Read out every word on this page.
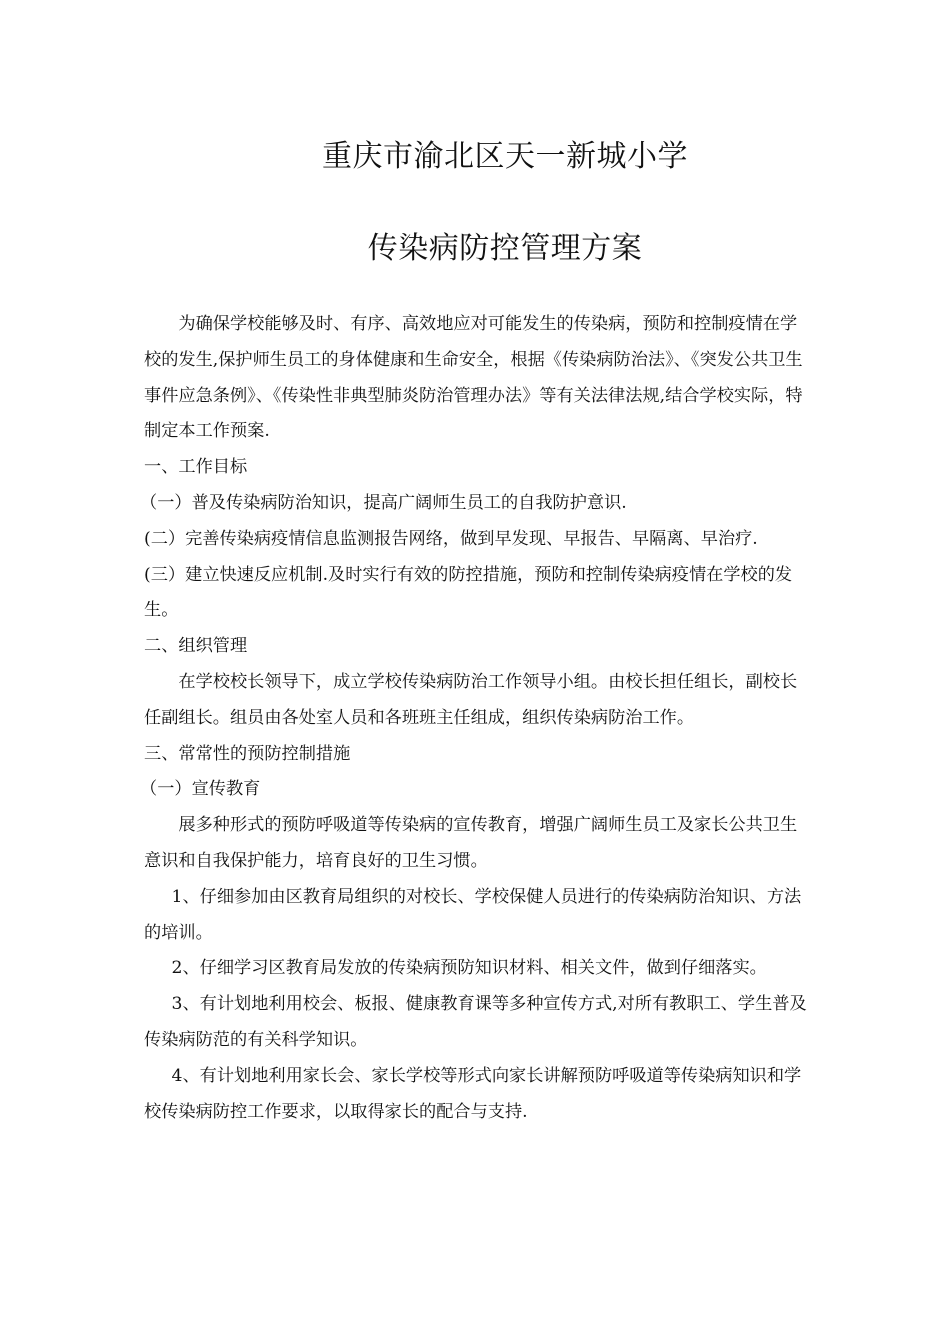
重庆市渝北区天一新城小学
传染病防控管理方案

为确保学校能够及时、有序、高效地应对可能发生的传染病，预防和控制疫情在学校的发生,保护师生员工的身体健康和生命安全，根据《传染病防治法》、《突发公共卫生事件应急条例》、《传染性非典型肺炎防治管理办法》等有关法律法规,结合学校实际，特制定本工作预案.

一、工作目标

（一）普及传染病防治知识，提高广阔师生员工的自我防护意识.

(二）完善传染病疫情信息监测报告网络，做到早发现、早报告、早隔离、早治疗.

(三）建立快速反应机制.及时实行有效的防控措施，预防和控制传染病疫情在学校的发生。

二、组织管理

在学校校长领导下，成立学校传染病防治工作领导小组。由校长担任组长，副校长任副组长。组员由各处室人员和各班班主任组成，组织传染病防治工作。

三、常常性的预防控制措施

（一）宣传教育

展多种形式的预防呼吸道等传染病的宣传教育，增强广阔师生员工及家长公共卫生意识和自我保护能力，培育良好的卫生习惯。

1、仔细参加由区教育局组织的对校长、学校保健人员进行的传染病防治知识、方法的培训。

2、仔细学习区教育局发放的传染病预防知识材料、相关文件，做到仔细落实。

3、有计划地利用校会、板报、健康教育课等多种宣传方式,对所有教职工、学生普及传染病防范的有关科学知识。

4、有计划地利用家长会、家长学校等形式向家长讲解预防呼吸道等传染病知识和学校传染病防控工作要求，以取得家长的配合与支持.
